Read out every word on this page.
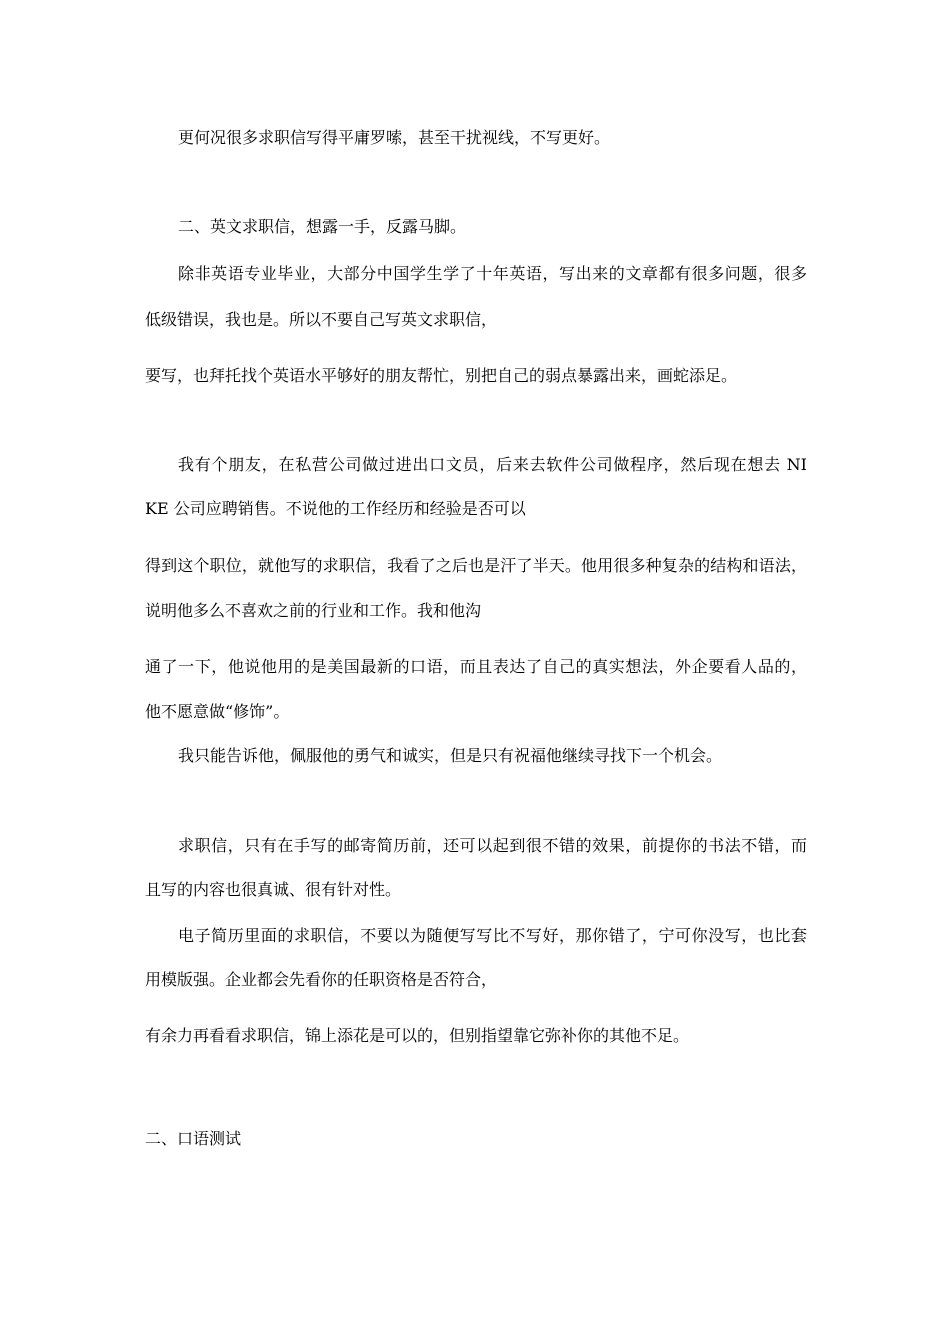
更何况很多求职信写得平庸罗嗦，甚至干扰视线，不写更好。
二、英文求职信，想露一手，反露马脚。
除非英语专业毕业，大部分中国学生学了十年英语，写出来的文章都有很多问题，很多
低级错误，我也是。所以不要自己写英文求职信，
要写，也拜托找个英语水平够好的朋友帮忙，别把自己的弱点暴露出来，画蛇添足。
我有个朋友，在私营公司做过进出口文员，后来去软件公司做程序，然后现在想去 NI
KE 公司应聘销售。不说他的工作经历和经验是否可以
得到这个职位，就他写的求职信，我看了之后也是汗了半天。他用很多种复杂的结构和语法，
说明他多么不喜欢之前的行业和工作。我和他沟
通了一下，他说他用的是美国最新的口语，而且表达了自己的真实想法，外企要看人品的，
他不愿意做“修饰”。
我只能告诉他，佩服他的勇气和诚实，但是只有祝福他继续寻找下一个机会。
求职信，只有在手写的邮寄简历前，还可以起到很不错的效果，前提你的书法不错，而
且写的内容也很真诚、很有针对性。
电子简历里面的求职信，不要以为随便写写比不写好，那你错了，宁可你没写，也比套
用模版强。企业都会先看你的任职资格是否符合，
有余力再看看求职信，锦上添花是可以的，但别指望靠它弥补你的其他不足。
二、口语测试
